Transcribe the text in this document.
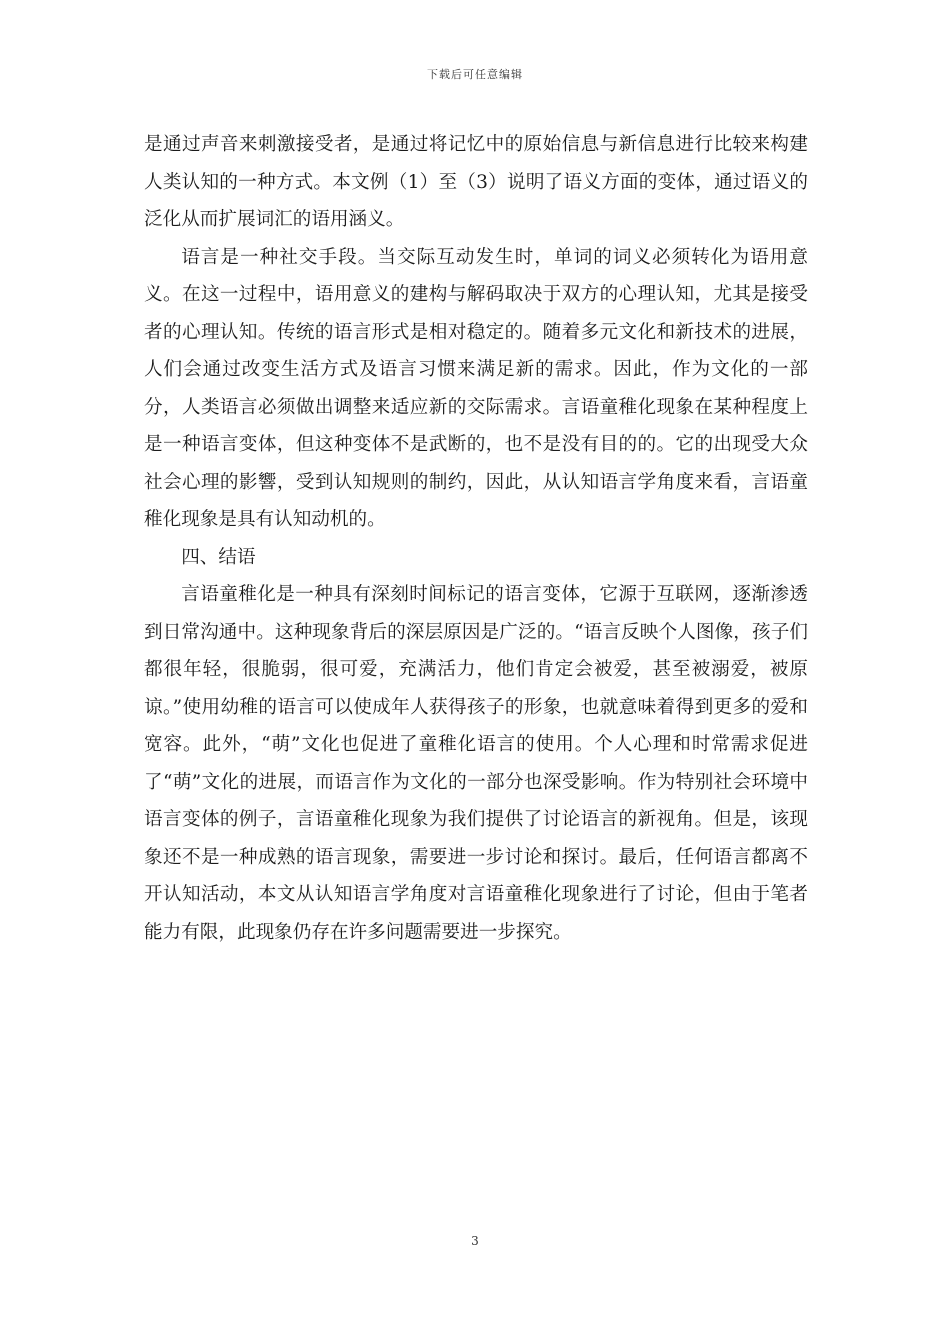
下载后可任意编辑

是通过声音来刺激接受者，是通过将记忆中的原始信息与新信息进行比较来构建人类认知的一种方式。本文例（1）至（3）说明了语义方面的变体，通过语义的泛化从而扩展词汇的语用涵义。

语言是一种社交手段。当交际互动发生时，单词的词义必须转化为语用意义。在这一过程中，语用意义的建构与解码取决于双方的心理认知，尤其是接受者的心理认知。传统的语言形式是相对稳定的。随着多元文化和新技术的进展，人们会通过改变生活方式及语言习惯来满足新的需求。因此，作为文化的一部分，人类语言必须做出调整来适应新的交际需求。言语童稚化现象在某种程度上是一种语言变体，但这种变体不是武断的，也不是没有目的的。它的出现受大众社会心理的影響，受到认知规则的制约，因此，从认知语言学角度来看，言语童稚化现象是具有认知动机的。

四、结语

言语童稚化是一种具有深刻时间标记的语言变体，它源于互联网，逐渐渗透到日常沟通中。这种现象背后的深层原因是广泛的。“语言反映个人图像，孩子们都很年轻，很脆弱，很可爱，充满活力，他们肯定会被爱，甚至被溺爱，被原谅。”使用幼稚的语言可以使成年人获得孩子的形象，也就意味着得到更多的爱和宽容。此外，“萌”文化也促进了童稚化语言的使用。个人心理和时常需求促进了“萌”文化的进展，而语言作为文化的一部分也深受影响。作为特别社会环境中语言变体的例子，言语童稚化现象为我们提供了讨论语言的新视角。但是，该现象还不是一种成熟的语言现象，需要进一步讨论和探讨。最后，任何语言都离不开认知活动，本文从认知语言学角度对言语童稚化现象进行了讨论，但由于笔者能力有限，此现象仍存在许多问题需要进一步探究。

3
